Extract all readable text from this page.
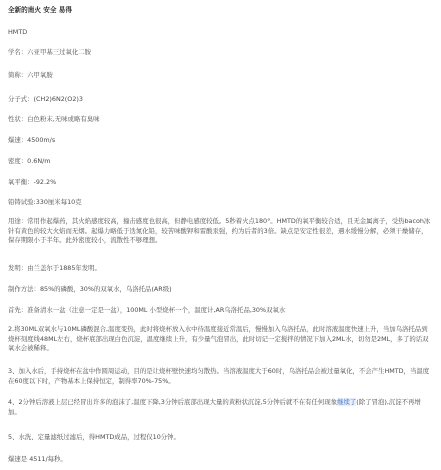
全新的南火 安全 易得
HMTD
学名：六亚甲基三过氧化二胺
简称：六甲氧胺
分子式：(CH2)6N2(O2)3
性状：白色粉末,无味或略有臭味
爆速：4500m/s
密度：0.6N/m
氧平衡：-92.2%
铅铸试验:330厘米每10克
用途：常用作起爆药，其火焰感度较高，撞击感度也很高，但静电感度较低。5秒着火点180°。HMTD的氧平衡较合适，且无金属离子，受热bacoh冰针有黄色的较大火焰而无烟。起爆力略低于迭氮化铅，较苦味酸钾和雷酸汞强，约为后者的3倍。缺点是安定性很差，遇水缓慢分解，必须干燥储存，保存期限小于半年。此外密度较小，流散性不够理想。
发明：由兰盖尔于1885年发明。
制作方法：85%的磷酸，30%的双氧水，乌洛托品(AR级)
首先：准备清水一盆（注意一定是一盆），100ML 小型烧杯一个，温度计,AR乌洛托品,30%双氧水
2.将30ML双氧水与10ML磷酸混合,温度变热，此时将烧杯放入水中待温度接近常温后，慢慢加入乌洛托品，此时溶液温度快速上升，当加乌洛托品到烧杯刻度线48ML左右，烧杯底部出现白色沉淀，温度继续上升，有少量气泡冒出，此时切记一定搅拌的情况下加入2ML水，切勿是2ML，多了的话双氧水会被稀释。
3、加入水后，手持烧杯在盆中作圆周运动，目的是让烧杯壁快速均匀散热。当溶液温度大于60时，乌洛托品会被过量氧化，不会产生HMTD，当温度在60度以下时，产物基本上保持恒定，制得率70%-75%。
4、2分钟后溶液上层已经冒出许多的泡沫了,温度下降,3分钟后底部出现大量的黄粉状沉淀,5分钟后就不在有任何现象继续了(除了冒泡),沉淀不再增加。
5、水洗、定量滤纸过滤后，得HMTD成品，过程仅10分钟。
爆速是 4511/每秒。
